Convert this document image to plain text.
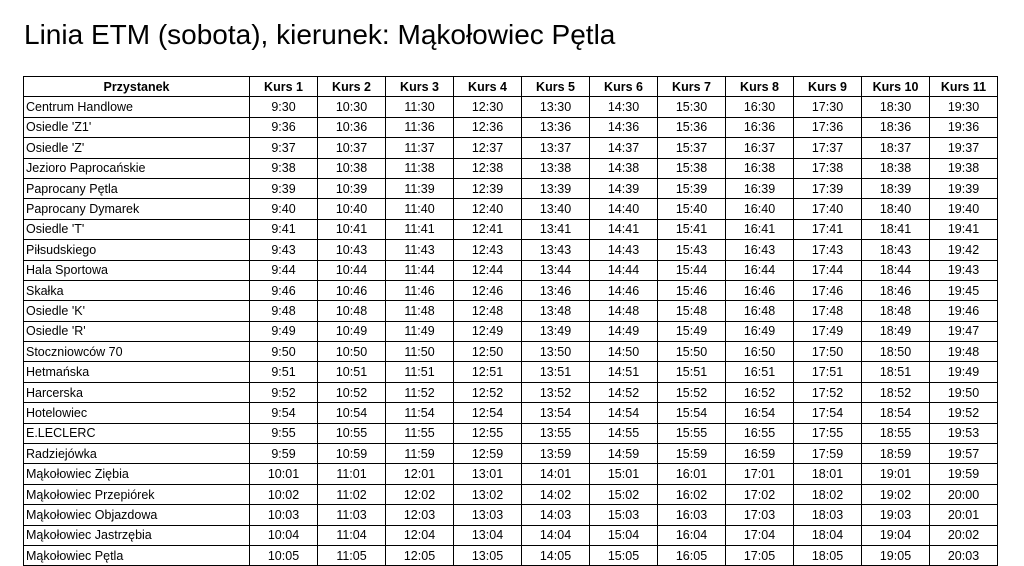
Linia ETM (sobota), kierunek: Mąkołowiec Pętla
Przystanek	Kurs 1	Kurs 2	Kurs 3	Kurs 4	Kurs 5	Kurs 6	Kurs 7	Kurs 8	Kurs 9	Kurs 10	Kurs 11
Centrum Handlowe	9:30	10:30	11:30	12:30	13:30	14:30	15:30	16:30	17:30	18:30	19:30
Osiedle 'Z1'	9:36	10:36	11:36	12:36	13:36	14:36	15:36	16:36	17:36	18:36	19:36
Osiedle 'Z'	9:37	10:37	11:37	12:37	13:37	14:37	15:37	16:37	17:37	18:37	19:37
Jezioro Paprocańskie	9:38	10:38	11:38	12:38	13:38	14:38	15:38	16:38	17:38	18:38	19:38
Paprocany Pętla	9:39	10:39	11:39	12:39	13:39	14:39	15:39	16:39	17:39	18:39	19:39
Paprocany Dymarek	9:40	10:40	11:40	12:40	13:40	14:40	15:40	16:40	17:40	18:40	19:40
Osiedle 'T'	9:41	10:41	11:41	12:41	13:41	14:41	15:41	16:41	17:41	18:41	19:41
Piłsudskiego	9:43	10:43	11:43	12:43	13:43	14:43	15:43	16:43	17:43	18:43	19:42
Hala Sportowa	9:44	10:44	11:44	12:44	13:44	14:44	15:44	16:44	17:44	18:44	19:43
Skałka	9:46	10:46	11:46	12:46	13:46	14:46	15:46	16:46	17:46	18:46	19:45
Osiedle 'K'	9:48	10:48	11:48	12:48	13:48	14:48	15:48	16:48	17:48	18:48	19:46
Osiedle 'R'	9:49	10:49	11:49	12:49	13:49	14:49	15:49	16:49	17:49	18:49	19:47
Stoczniowców 70	9:50	10:50	11:50	12:50	13:50	14:50	15:50	16:50	17:50	18:50	19:48
Hetmańska	9:51	10:51	11:51	12:51	13:51	14:51	15:51	16:51	17:51	18:51	19:49
Harcerska	9:52	10:52	11:52	12:52	13:52	14:52	15:52	16:52	17:52	18:52	19:50
Hotelowiec	9:54	10:54	11:54	12:54	13:54	14:54	15:54	16:54	17:54	18:54	19:52
E.LECLERC	9:55	10:55	11:55	12:55	13:55	14:55	15:55	16:55	17:55	18:55	19:53
Radziejówka	9:59	10:59	11:59	12:59	13:59	14:59	15:59	16:59	17:59	18:59	19:57
Mąkołowiec Ziębia	10:01	11:01	12:01	13:01	14:01	15:01	16:01	17:01	18:01	19:01	19:59
Mąkołowiec Przepiórek	10:02	11:02	12:02	13:02	14:02	15:02	16:02	17:02	18:02	19:02	20:00
Mąkołowiec Objazdowa	10:03	11:03	12:03	13:03	14:03	15:03	16:03	17:03	18:03	19:03	20:01
Mąkołowiec Jastrzębia	10:04	11:04	12:04	13:04	14:04	15:04	16:04	17:04	18:04	19:04	20:02
Mąkołowiec Pętla	10:05	11:05	12:05	13:05	14:05	15:05	16:05	17:05	18:05	19:05	20:03
